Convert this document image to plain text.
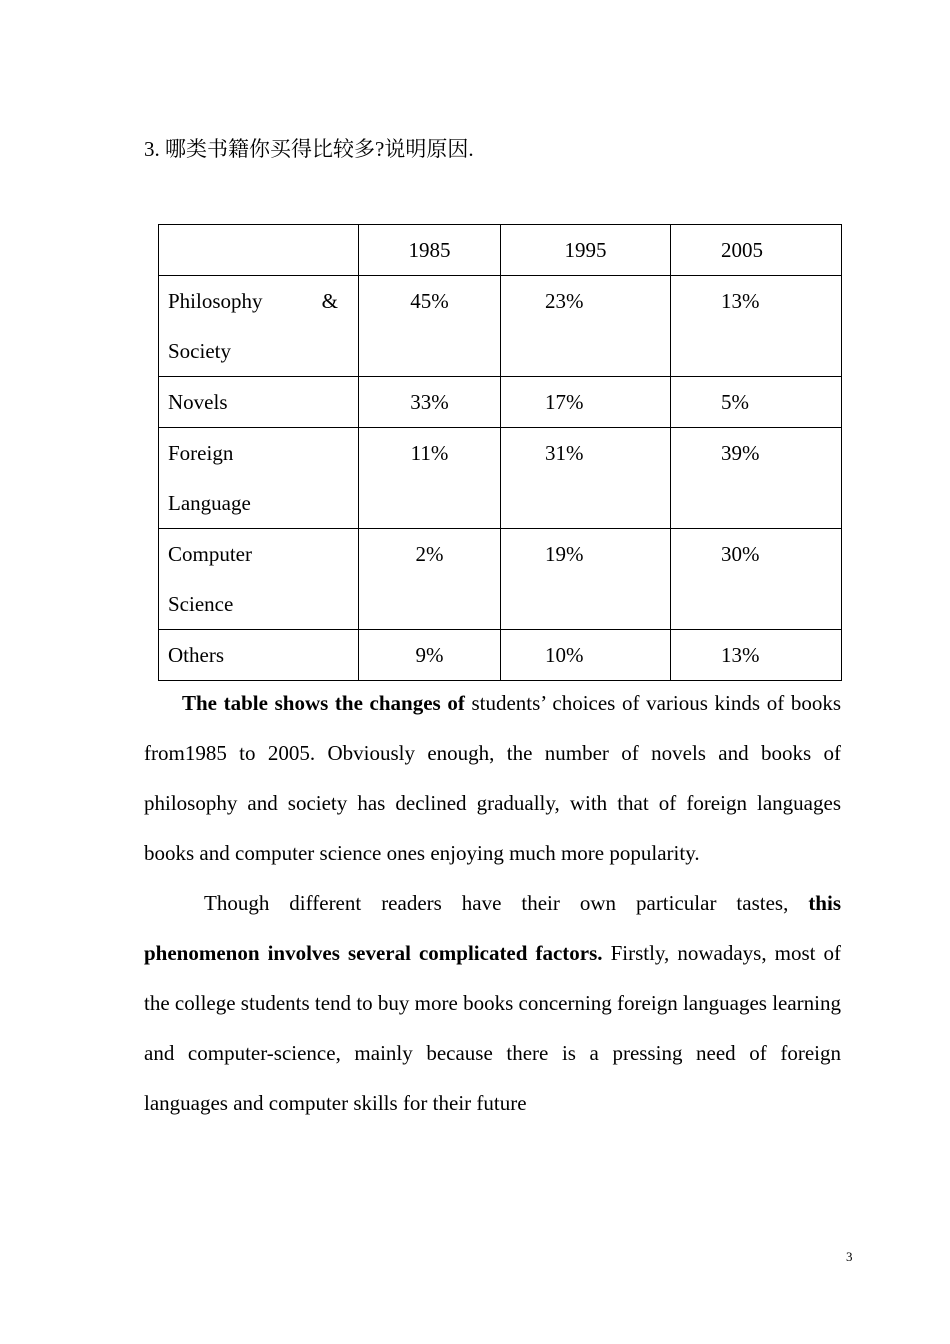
3. 哪类书籍你买得比较多?说明原因.
	1985	1995	2005

Philosophy &
Society	45%	23%	13%
Novels	33%	17%	5%

Foreign
Language	11%	31%	39%

Computer
Science	2%	19%	30%
Others	9%	10%	13%

The table shows the changes of students’ choices of various kinds of books from1985 to 2005. Obviously enough, the number of novels and books of philosophy and society has declined gradually, with that of foreign languages books and computer science ones enjoying much more popularity.

Though different readers have their own particular tastes, this phenomenon involves several complicated factors. Firstly, nowadays, most of the college students tend to buy more books concerning foreign languages learning and computer-science, mainly because there is a pressing need of foreign languages and computer skills for their future

3
